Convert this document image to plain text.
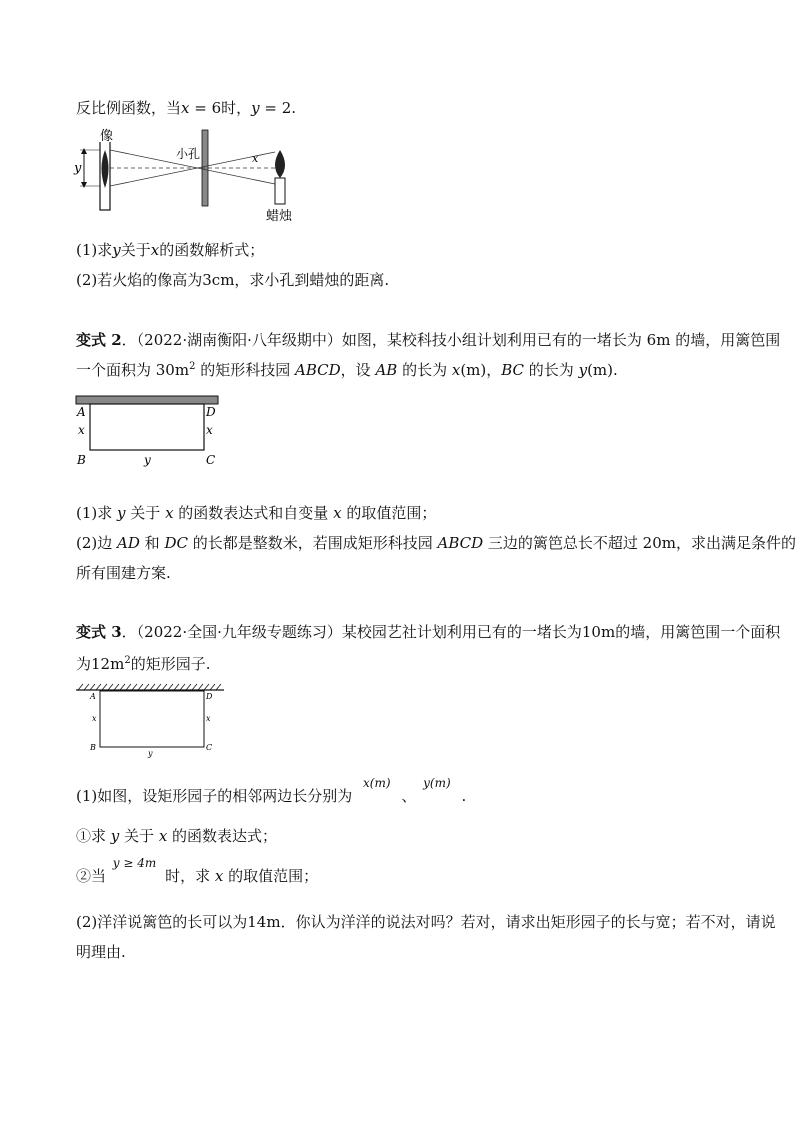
反比例函数，当x = 6时，y = 2.
y
小孔	x
蜡烛
像
(1)求y关于x的函数解析式；
(2)若火焰的像高为3cm，求小孔到蜡烛的距离.
变式 2．（2022·湖南衡阳·八年级期中）如图，某校科技小组计划利用已有的一堵长为 6m 的墙，用篱笆围
一个面积为 $30m^2$ 的矩形科技园 ABCD，设 AB 的长为 x(m)，BC 的长为 y(m).
A	D
x	x
B	y	C
(1)求 y 关于 x 的函数表达式和自变量 x 的取值范围；
(2)边 AD 和 DC 的长都是整数米，若围成矩形科技园 ABCD 三边的篱笆总长不超过 20m，求出满足条件的
所有围建方案.
变式 3．（2022·全国·九年级专题练习）某校园艺社计划利用已有的一堵长为10m的墙，用篱笆围一个面积
为$12m^2$的矩形园子.
A	D
x	x
B
y
C
(1)如图，设矩形园子的相邻两边长分别为 $^{x(m)}$ 、 $^{y(m)}$ .
①求 y 关于 x 的函数表达式；
②当 $^{y \ge 4m}$ 时，求 x 的取值范围；
(2)洋洋说篱笆的长可以为14m．你认为洋洋的说法对吗？若对，请求出矩形园子的长与宽；若不对，请说
明理由.
